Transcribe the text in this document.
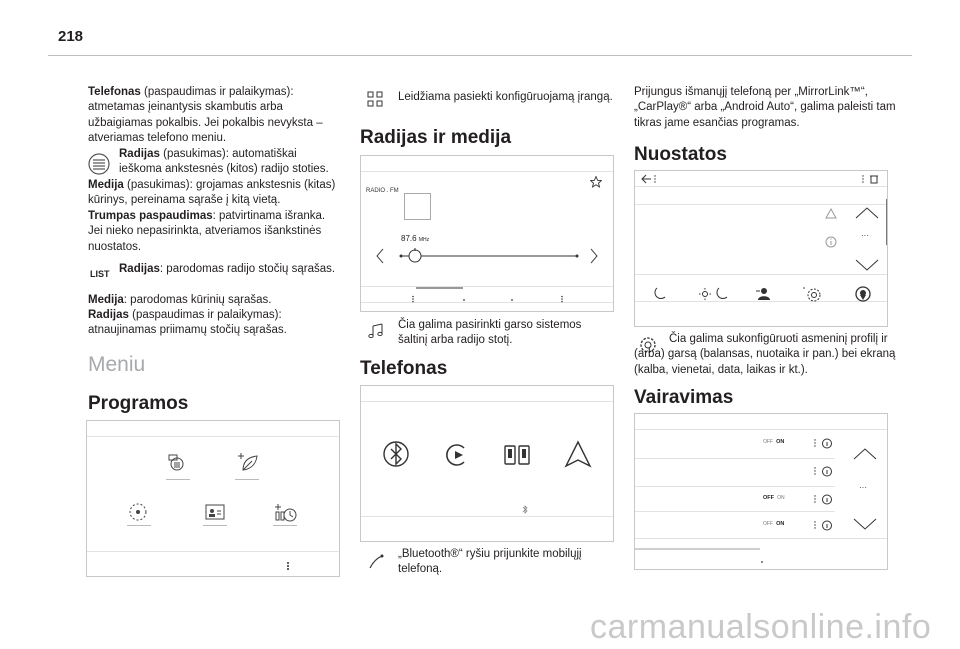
218
Telefonas (paspaudimas ir palaikymas): atmetamas įeinantysis skambutis arba užbaigiamas pokalbis. Jei pokalbis nevyksta – atveriamas telefono meniu.
Radijas (pasukimas): automatiškai ieškoma ankstesnės (kitos) radijo stoties.
Medija (pasukimas): grojamas ankstesnis (kitas) kūrinys, pereinama sąraše į kitą vietą.
Trumpas paspaudimas: patvirtinama išranka. Jei nieko nepasirinkta, atveriamos išankstinės nuostatos.
LIST Radijas: parodomas radijo stočių sąrašas.
Medija: parodomas kūrinių sąrašas.
Radijas (paspaudimas ir palaikymas): atnaujinamas priimamų stočių sąrašas.
Meniu
Programos
Leidžiama pasiekti konfigūruojamą įrangą.
Radijas ir medija
RADIO . FM
87.6 MHz
Čia galima pasirinkti garso sistemos šaltinį arba radijo stotį.
Telefonas
„Bluetooth®“ ryšiu prijunkite mobilųjį telefoną.
Prijungus išmanųjį telefoną per „MirrorLink™“, „CarPlay®“ arba „Android Auto“, galima paleisti tam tikras jame esančias programas.
Nuostatos
···
Čia galima sukonfigūruoti asmeninį profilį ir (arba) garsą (balansas, nuotaika ir pan.) bei ekraną (kalba, vienetai, data, laikas ir kt.).
Vairavimas
OFF ON
OFF ON
OFF ON
···
carmanualsonline.info
